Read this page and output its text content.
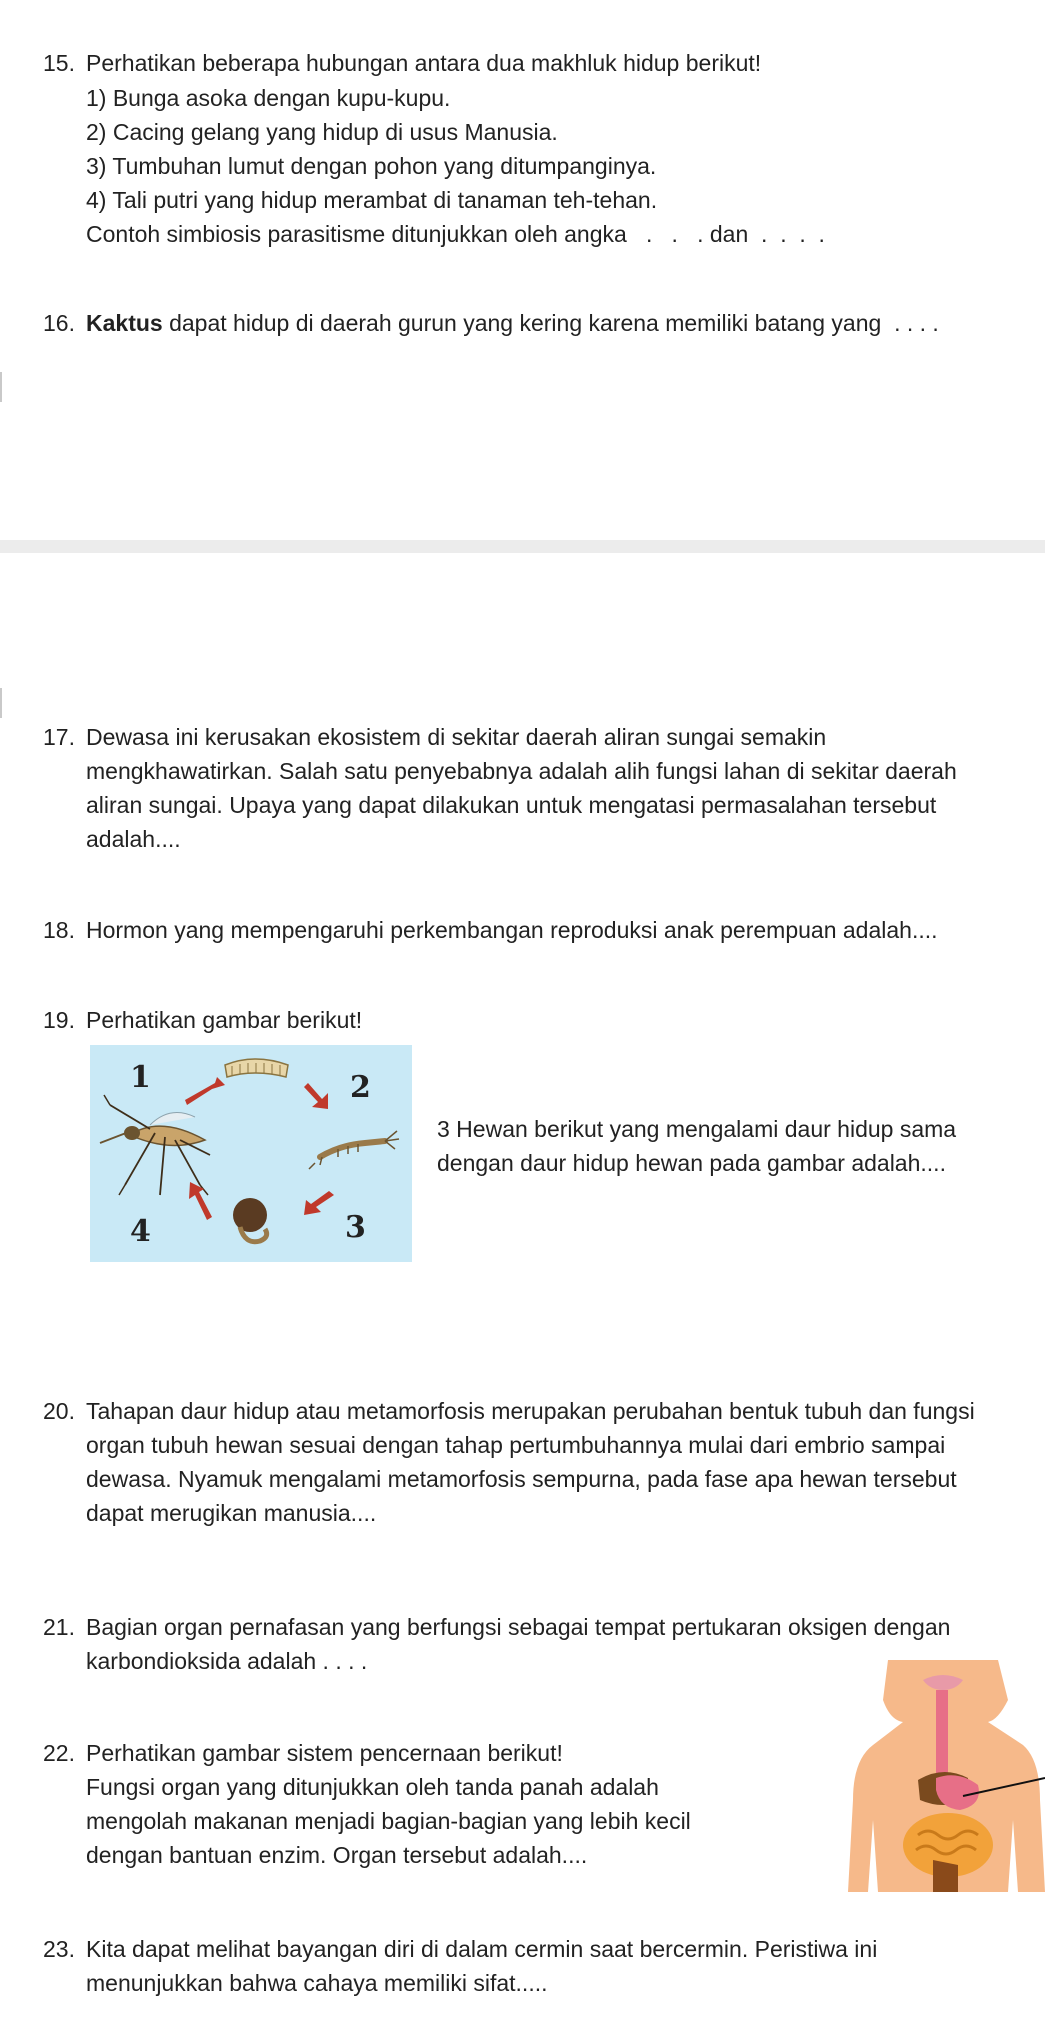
15. Perhatikan beberapa hubungan antara dua makhluk hidup berikut!
1) Bunga asoka dengan kupu-kupu.
2) Cacing gelang yang hidup di usus Manusia.
3) Tumbuhan lumut dengan pohon yang ditumpanginya.
4) Tali putri yang hidup merambat di tanaman teh-tehan.
Contoh simbiosis parasitisme ditunjukkan oleh angka   .   .   . dan  .  .  .  .
16. Kaktus dapat hidup di daerah gurun yang kering karena memiliki batang yang  . . . .
17. Dewasa ini kerusakan ekosistem di sekitar daerah aliran sungai semakin
mengkhawatirkan. Salah satu penyebabnya adalah alih fungsi lahan di sekitar daerah
aliran sungai. Upaya yang dapat dilakukan untuk mengatasi permasalahan tersebut
adalah....
18. Hormon yang mempengaruhi perkembangan reproduksi anak perempuan adalah....
19. Perhatikan gambar berikut!
1	2
3
4
3 Hewan berikut yang mengalami daur hidup sama
dengan daur hidup hewan pada gambar adalah....
20. Tahapan daur hidup atau metamorfosis merupakan perubahan bentuk tubuh dan fungsi
organ tubuh hewan sesuai dengan tahap pertumbuhannya mulai dari embrio sampai
dewasa. Nyamuk mengalami metamorfosis sempurna, pada fase apa hewan tersebut
dapat merugikan manusia....
21. Bagian organ pernafasan yang berfungsi sebagai tempat pertukaran oksigen dengan
karbondioksida adalah . . . .
22. Perhatikan gambar sistem pencernaan berikut!
Fungsi organ yang ditunjukkan oleh tanda panah adalah
mengolah makanan menjadi bagian-bagian yang lebih kecil
dengan bantuan enzim. Organ tersebut adalah....
23. Kita dapat melihat bayangan diri di dalam cermin saat bercermin. Peristiwa ini
menunjukkan bahwa cahaya memiliki sifat.....
